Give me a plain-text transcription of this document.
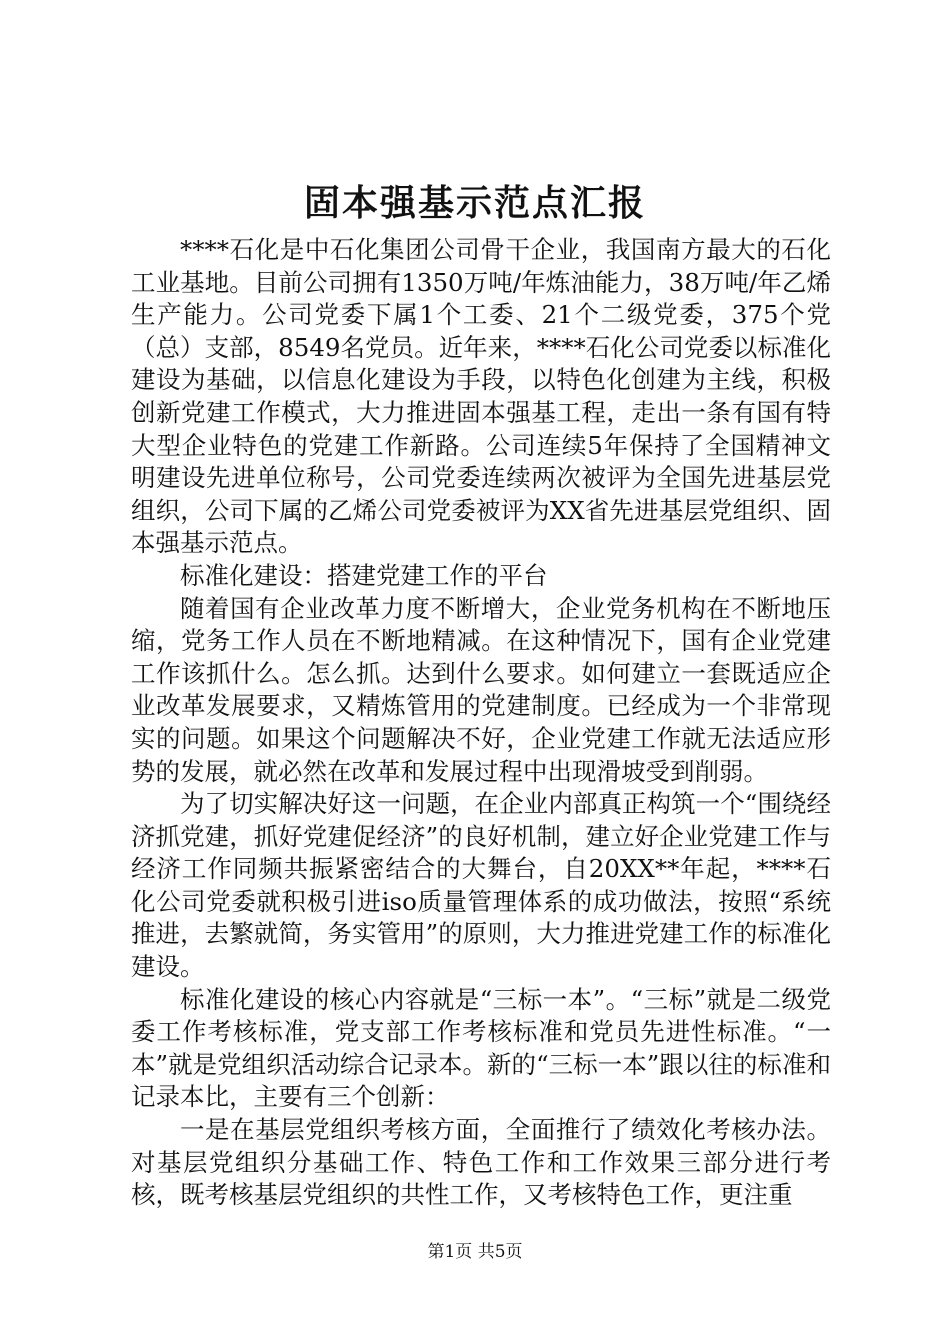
固本强基示范点汇报

****石化是中石化集团公司骨干企业，我国南方最大的石化工业基地。目前公司拥有1350万吨/年炼油能力，38万吨/年乙烯生产能力。公司党委下属1个工委、21个二级党委，375个党（总）支部，8549名党员。近年来，****石化公司党委以标准化建设为基础，以信息化建设为手段，以特色化创建为主线，积极创新党建工作模式，大力推进固本强基工程，走出一条有国有特大型企业特色的党建工作新路。公司连续5年保持了全国精神文明建设先进单位称号，公司党委连续两次被评为全国先进基层党组织，公司下属的乙烯公司党委被评为XX省先进基层党组织、固本强基示范点。

标准化建设：搭建党建工作的平台

随着国有企业改革力度不断增大，企业党务机构在不断地压缩，党务工作人员在不断地精减。在这种情况下，国有企业党建工作该抓什么。怎么抓。达到什么要求。如何建立一套既适应企业改革发展要求，又精炼管用的党建制度。已经成为一个非常现实的问题。如果这个问题解决不好，企业党建工作就无法适应形势的发展，就必然在改革和发展过程中出现滑坡受到削弱。

为了切实解决好这一问题，在企业内部真正构筑一个“围绕经济抓党建，抓好党建促经济”的良好机制，建立好企业党建工作与经济工作同频共振紧密结合的大舞台，自20XX**年起，****石化公司党委就积极引进iso质量管理体系的成功做法，按照“系统推进，去繁就简，务实管用”的原则，大力推进党建工作的标准化建设。

标准化建设的核心内容就是“三标一本”。“三标”就是二级党委工作考核标准，党支部工作考核标准和党员先进性标准。“一本”就是党组织活动综合记录本。新的“三标一本”跟以往的标准和记录本比，主要有三个创新：

一是在基层党组织考核方面，全面推行了绩效化考核办法。对基层党组织分基础工作、特色工作和工作效果三部分进行考核，既考核基层党组织的共性工作，又考核特色工作，更注重

第1页 共5页
